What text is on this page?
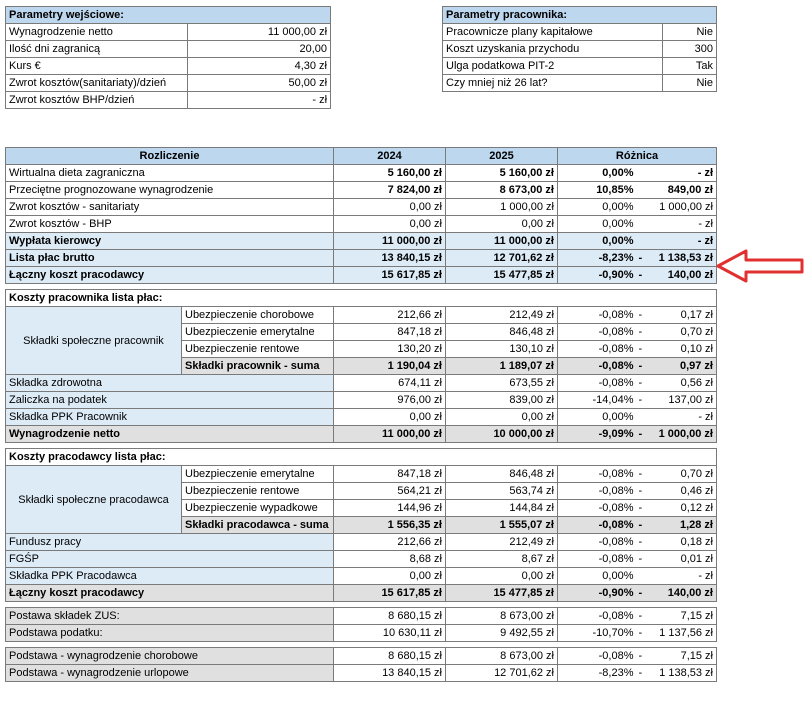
Parametry wejściowe:	
Wynagrodzenie netto	11 000,00 zł
Ilość dni zagranicą	20,00
Kurs €	4,30 zł
Zwrot kosztów(sanitariaty)/dzień	50,00 zł
Zwrot kosztów BHP/dzień	- zł
Parametry pracownika:	
Pracownicze plany kapitałowe	Nie
Koszt uzyskania przychodu	300
Ulga podatkowa PIT-2	Tak
Czy mniej niż 26 lat?	Nie
Rozliczenie		2024	2025	Różnica	
Wirtualna dieta zagraniczna		5 160,00 zł	5 160,00 zł	0,00%	- zł
Przeciętne prognozowane wynagrodzenie		7 824,00 zł	8 673,00 zł	10,85%	849,00 zł
Zwrot kosztów - sanitariaty		0,00 zł	1 000,00 zł	0,00%	1 000,00 zł
Zwrot kosztów - BHP		0,00 zł	0,00 zł	0,00%	- zł
Wypłata kierowcy		11 000,00 zł	11 000,00 zł	0,00%	- zł
Lista płac brutto		13 840,15 zł	12 701,62 zł	-8,23%	- 1 138,53 zł
Łączny koszt pracodawcy		15 617,85 zł	15 477,85 zł	-0,90%	- 140,00 zł

Koszty pracownika lista płac:					
Składki społeczne pracownik	Ubezpieczenie chorobowe	212,66 zł	212,49 zł	-0,08%	- 0,17 zł
	Ubezpieczenie emerytalne	847,18 zł	846,48 zł	-0,08%	- 0,70 zł
	Ubezpieczenie rentowe	130,20 zł	130,10 zł	-0,08%	- 0,10 zł
	Składki pracownik - suma	1 190,04 zł	1 189,07 zł	-0,08%	- 0,97 zł
Składka zdrowotna		674,11 zł	673,55 zł	-0,08%	- 0,56 zł
Zaliczka na podatek		976,00 zł	839,00 zł	-14,04%	- 137,00 zł
Składka PPK Pracownik		0,00 zł	0,00 zł	0,00%	- zł
Wynagrodzenie netto		11 000,00 zł	10 000,00 zł	-9,09%	- 1 000,00 zł

Koszty pracodawcy lista płac:					
Składki społeczne pracodawca	Ubezpieczenie emerytalne	847,18 zł	846,48 zł	-0,08%	- 0,70 zł
	Ubezpieczenie rentowe	564,21 zł	563,74 zł	-0,08%	- 0,46 zł
	Ubezpieczenie wypadkowe	144,96 zł	144,84 zł	-0,08%	- 0,12 zł
	Składki pracodawca - suma	1 556,35 zł	1 555,07 zł	-0,08%	- 1,28 zł
Fundusz pracy		212,66 zł	212,49 zł	-0,08%	- 0,18 zł
FGŚP		8,68 zł	8,67 zł	-0,08%	- 0,01 zł
Składka PPK Pracodawca		0,00 zł	0,00 zł	0,00%	- zł
Łączny koszt pracodawcy		15 617,85 zł	15 477,85 zł	-0,90%	- 140,00 zł

Postawa składek ZUS:		8 680,15 zł	8 673,00 zł	-0,08%	- 7,15 zł
Podstawa podatku:		10 630,11 zł	9 492,55 zł	-10,70%	- 1 137,56 zł

Podstawa - wynagrodzenie chorobowe		8 680,15 zł	8 673,00 zł	-0,08%	- 7,15 zł
Podstawa - wynagrodzenie urlopowe		13 840,15 zł	12 701,62 zł	-8,23%	- 1 138,53 zł
